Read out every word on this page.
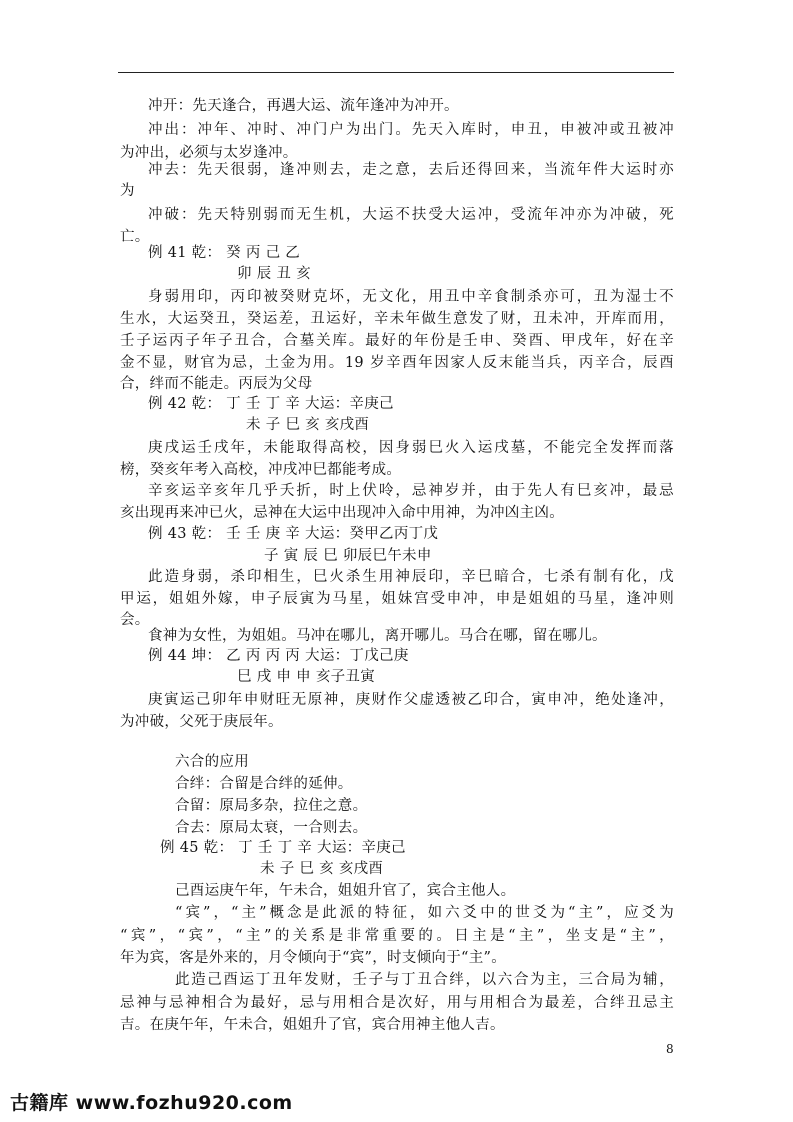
冲开：先天逢合，再遇大运、流年逢冲为冲开。
冲出：冲年、冲时、冲门户为出门。先天入库时，申丑，申被冲或丑被冲
为冲出，必须与太岁逢冲。
冲去：先天很弱，逢冲则去，走之意，去后还得回来，当流年件大运时亦
为
冲破：先天特别弱而无生机，大运不扶受大运冲，受流年冲亦为冲破，死
亡。
例 41 乾： 癸 丙 己 乙
卯 辰 丑 亥
身弱用印，丙印被癸财克坏，无文化，用丑中辛食制杀亦可，丑为湿士不
生水，大运癸丑，癸运差，丑运好，辛未年做生意发了财，丑未冲，开库而用，
壬子运丙子年子丑合，合墓关库。最好的年份是壬申、癸酉、甲戌年，好在辛
金不显，财官为忌，土金为用。19 岁辛酉年因家人反末能当兵，丙辛合，辰酉
合，绊而不能走。丙辰为父母
例 42 乾： 丁 壬 丁 辛 大运：辛庚己
未 子 巳 亥 亥戌酉
庚戌运壬戌年，未能取得高校，因身弱巳火入运戌墓，不能完全发挥而落
榜，癸亥年考入高校，冲戌冲巳都能考成。
辛亥运辛亥年几乎夭折，时上伏呤，忌神岁并，由于先人有巳亥冲，最忌
亥出现再来冲已火，忌神在大运中出现冲入命中用神，为冲凶主凶。
例 43 乾： 壬 壬 庚 辛 大运：癸甲乙丙丁戊
子 寅 辰 巳 卯辰巳午未申
此造身弱，杀印相生，巳火杀生用神辰印，辛巳暗合，七杀有制有化，戊
甲运，姐姐外嫁，申子辰寅为马星，姐妹宫受申冲，申是姐姐的马星，逢冲则
会。
食神为女性，为姐姐。马冲在哪儿，离开哪儿。马合在哪，留在哪儿。
例 44 坤： 乙 丙 丙 丙 大运：丁戊己庚
巳 戌 申 申 亥子丑寅
庚寅运己卯年申财旺无原神，庚财作父虚透被乙印合，寅申冲，绝处逢冲，
为冲破，父死于庚辰年。
六合的应用
合绊：合留是合绊的延伸。
合留：原局多杂，拉住之意。
合去：原局太衰，一合则去。
例 45 乾： 丁 壬 丁 辛 大运：辛庚己
未 子 巳 亥 亥戌酉
己酉运庚午年，午未合，姐姐升官了，宾合主他人。
“宾”，“主”概念是此派的特征，如六爻中的世爻为“主”，应爻为
“宾”，“宾”，“主”的关系是非常重要的。日主是“主”，坐支是“主”，
年为宾，客是外来的，月令倾向于“宾”，时支倾向于“主”。
此造己酉运丁丑年发财，壬子与丁丑合绊，以六合为主，三合局为辅，
忌神与忌神相合为最好，忌与用相合是次好，用与用相合为最差，合绊丑忌主
吉。在庚午年，午未合，姐姐升了官，宾合用神主他人吉。
8
古籍库 www.fozhu920.com
